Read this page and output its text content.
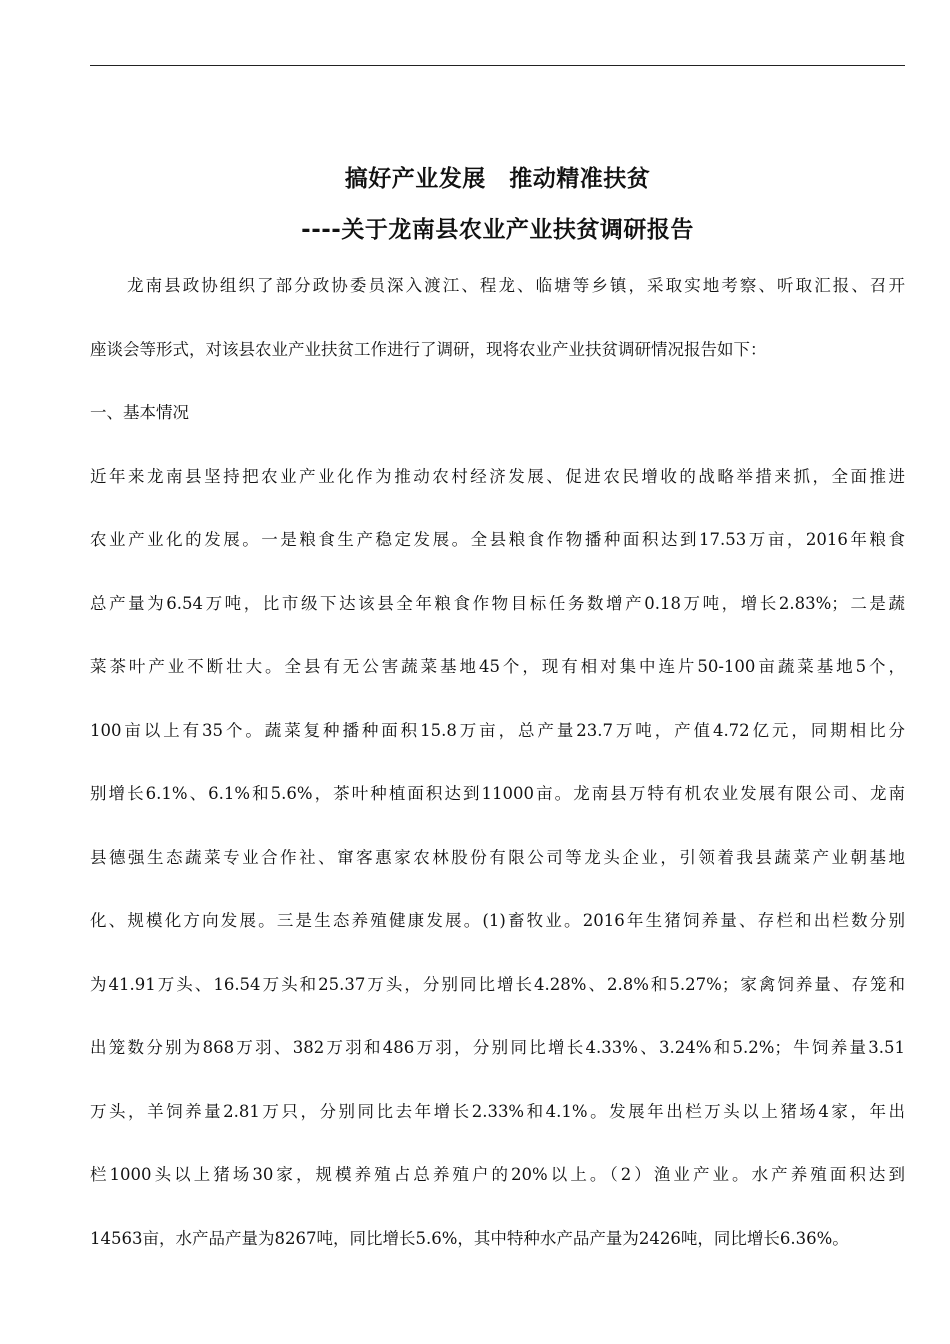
搞好产业发展　推动精准扶贫
----关于龙南县农业产业扶贫调研报告
龙南县政协组织了部分政协委员深入渡江、程龙、临塘等乡镇，采取实地考察、听取汇报、召开
座谈会等形式，对该县农业产业扶贫工作进行了调研，现将农业产业扶贫调研情况报告如下：
一、基本情况
近年来龙南县坚持把农业产业化作为推动农村经济发展、促进农民增收的战略举措来抓，全面推进
农业产业化的发展。一是粮食生产稳定发展。全县粮食作物播种面积达到17.53万亩，2016年粮食
总产量为6.54万吨，比市级下达该县全年粮食作物目标任务数增产0.18万吨，增长2.83%；二是蔬
菜茶叶产业不断壮大。全县有无公害蔬菜基地45个，现有相对集中连片50-100亩蔬菜基地5个，
100亩以上有35个。蔬菜复种播种面积15.8万亩，总产量23.7万吨，产值4.72亿元，同期相比分
别增长6.1%、6.1%和5.6%，茶叶种植面积达到11000亩。龙南县万特有机农业发展有限公司、龙南
县德强生态蔬菜专业合作社、窜客惠家农林股份有限公司等龙头企业，引领着我县蔬菜产业朝基地
化、规模化方向发展。三是生态养殖健康发展。(1)畜牧业。2016年生猪饲养量、存栏和出栏数分别
为41.91万头、16.54万头和25.37万头，分别同比增长4.28%、2.8%和5.27%；家禽饲养量、存笼和
出笼数分别为868万羽、382万羽和486万羽，分别同比增长4.33%、3.24%和5.2%；牛饲养量3.51
万头，羊饲养量2.81万只，分别同比去年增长2.33%和4.1%。发展年出栏万头以上猪场4家，年出
栏1000头以上猪场30家，规模养殖占总养殖户的20%以上。（2）渔业产业。水产养殖面积达到
14563亩，水产品产量为8267吨，同比增长5.6%，其中特种水产品产量为2426吨，同比增长6.36%。
